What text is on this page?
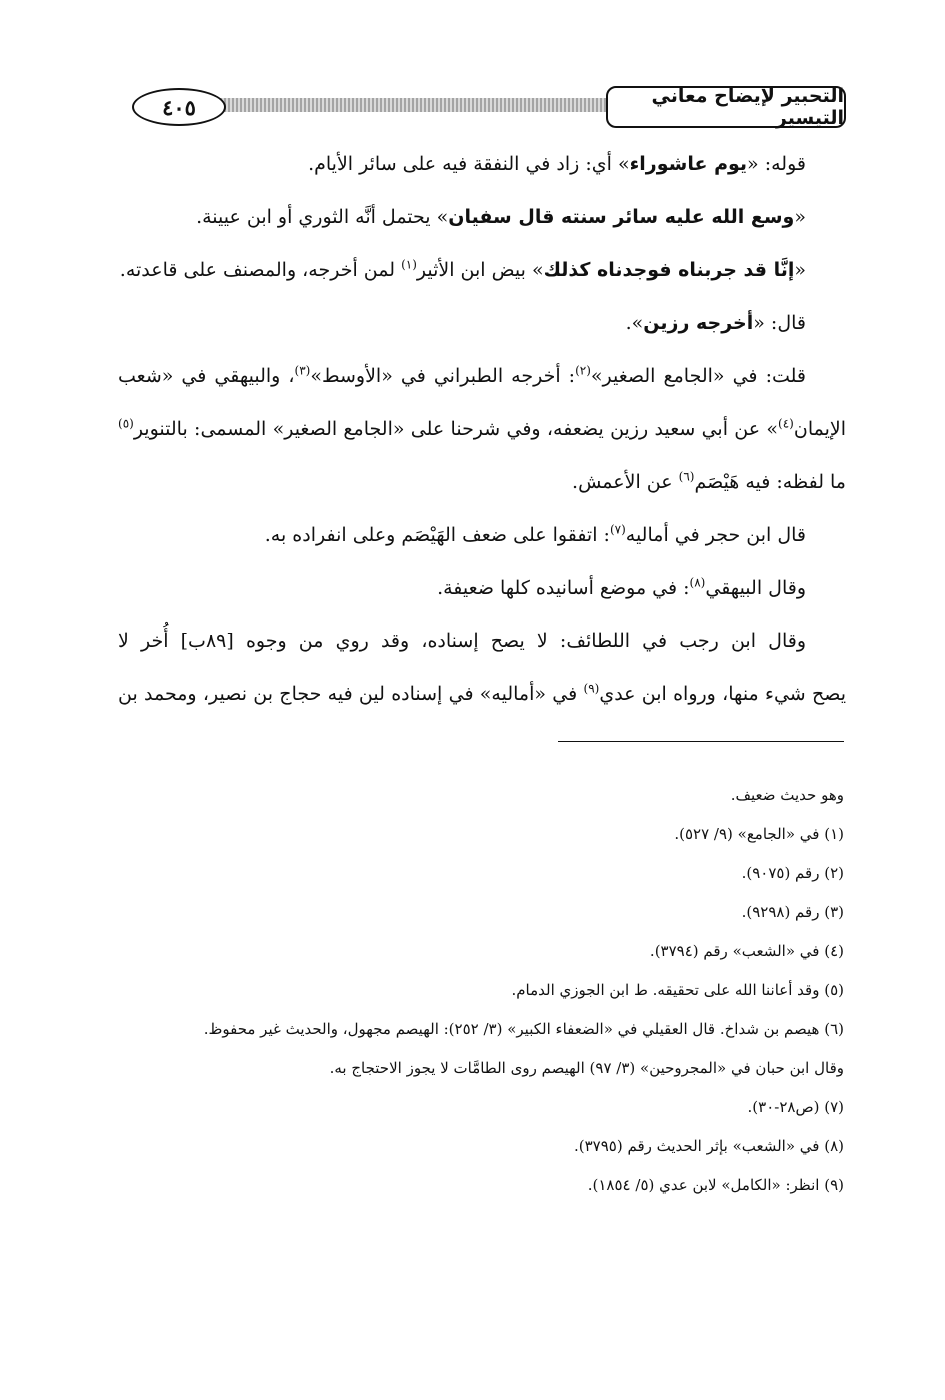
٤٠٥	التحبير لإيضاح معاني التيسير
قوله: «يوم عاشوراء» أي: زاد في النفقة فيه على سائر الأيام.
«وسع الله عليه سائر سنته قال سفيان» يحتمل أنَّه الثوري أو ابن عيينة.
«إنَّا قد جربناه فوجدناه كذلك» بيض ابن الأثير$^{(١)}$ لمن أخرجه، والمصنف على قاعدته.
قال: «أخرجه رزين».
قلت: في «الجامع الصغير»$^{(٢)}$: أخرجه الطبراني في «الأوسط»$^{(٣)}$، والبيهقي في «شعب
الإيمان$^{(٤)}$» عن أبي سعيد رزين يضعفه، وفي شرحنا على «الجامع الصغير» المسمى: بالتنوير$^{(٥)}$
ما لفظه: فيه هَيْصَم$^{(٦)}$ عن الأعمش.
قال ابن حجر في أماليه$^{(٧)}$: اتفقوا على ضعف الهَيْصَم وعلى انفراده به.
وقال البيهقي$^{(٨)}$: في موضع أسانيده كلها ضعيفة.
وقال ابن رجب في اللطائف: لا يصح إسناده، وقد روي من وجوه [٨٩ب] أُخر لا
يصح شيء منها، ورواه ابن عدي$^{(٩)}$ في «أماليه» في إسناده لين فيه حجاج بن نصير، ومحمد بن
وهو حديث ضعيف.
(١) في «الجامع» (٩/ ٥٢٧).
(٢) رقم (٩٠٧٥).
(٣) رقم (٩٢٩٨).
(٤) في «الشعب» رقم (٣٧٩٤).
(٥) وقد أعاننا الله على تحقيقه. ط ابن الجوزي الدمام.
(٦) هيصم بن شداخ. قال العقيلي في «الضعفاء الكبير» (٣/ ٢٥٢): الهيصم مجهول، والحديث غير محفوظ.
وقال ابن حبان في «المجروحين» (٣/ ٩٧) الهيصم روى الطامَّات لا يجوز الاحتجاج به.
(٧) (ص٢٨-٣٠).
(٨) في «الشعب» بإثر الحديث رقم (٣٧٩٥).
(٩) انظر: «الكامل» لابن عدي (٥/ ١٨٥٤).
